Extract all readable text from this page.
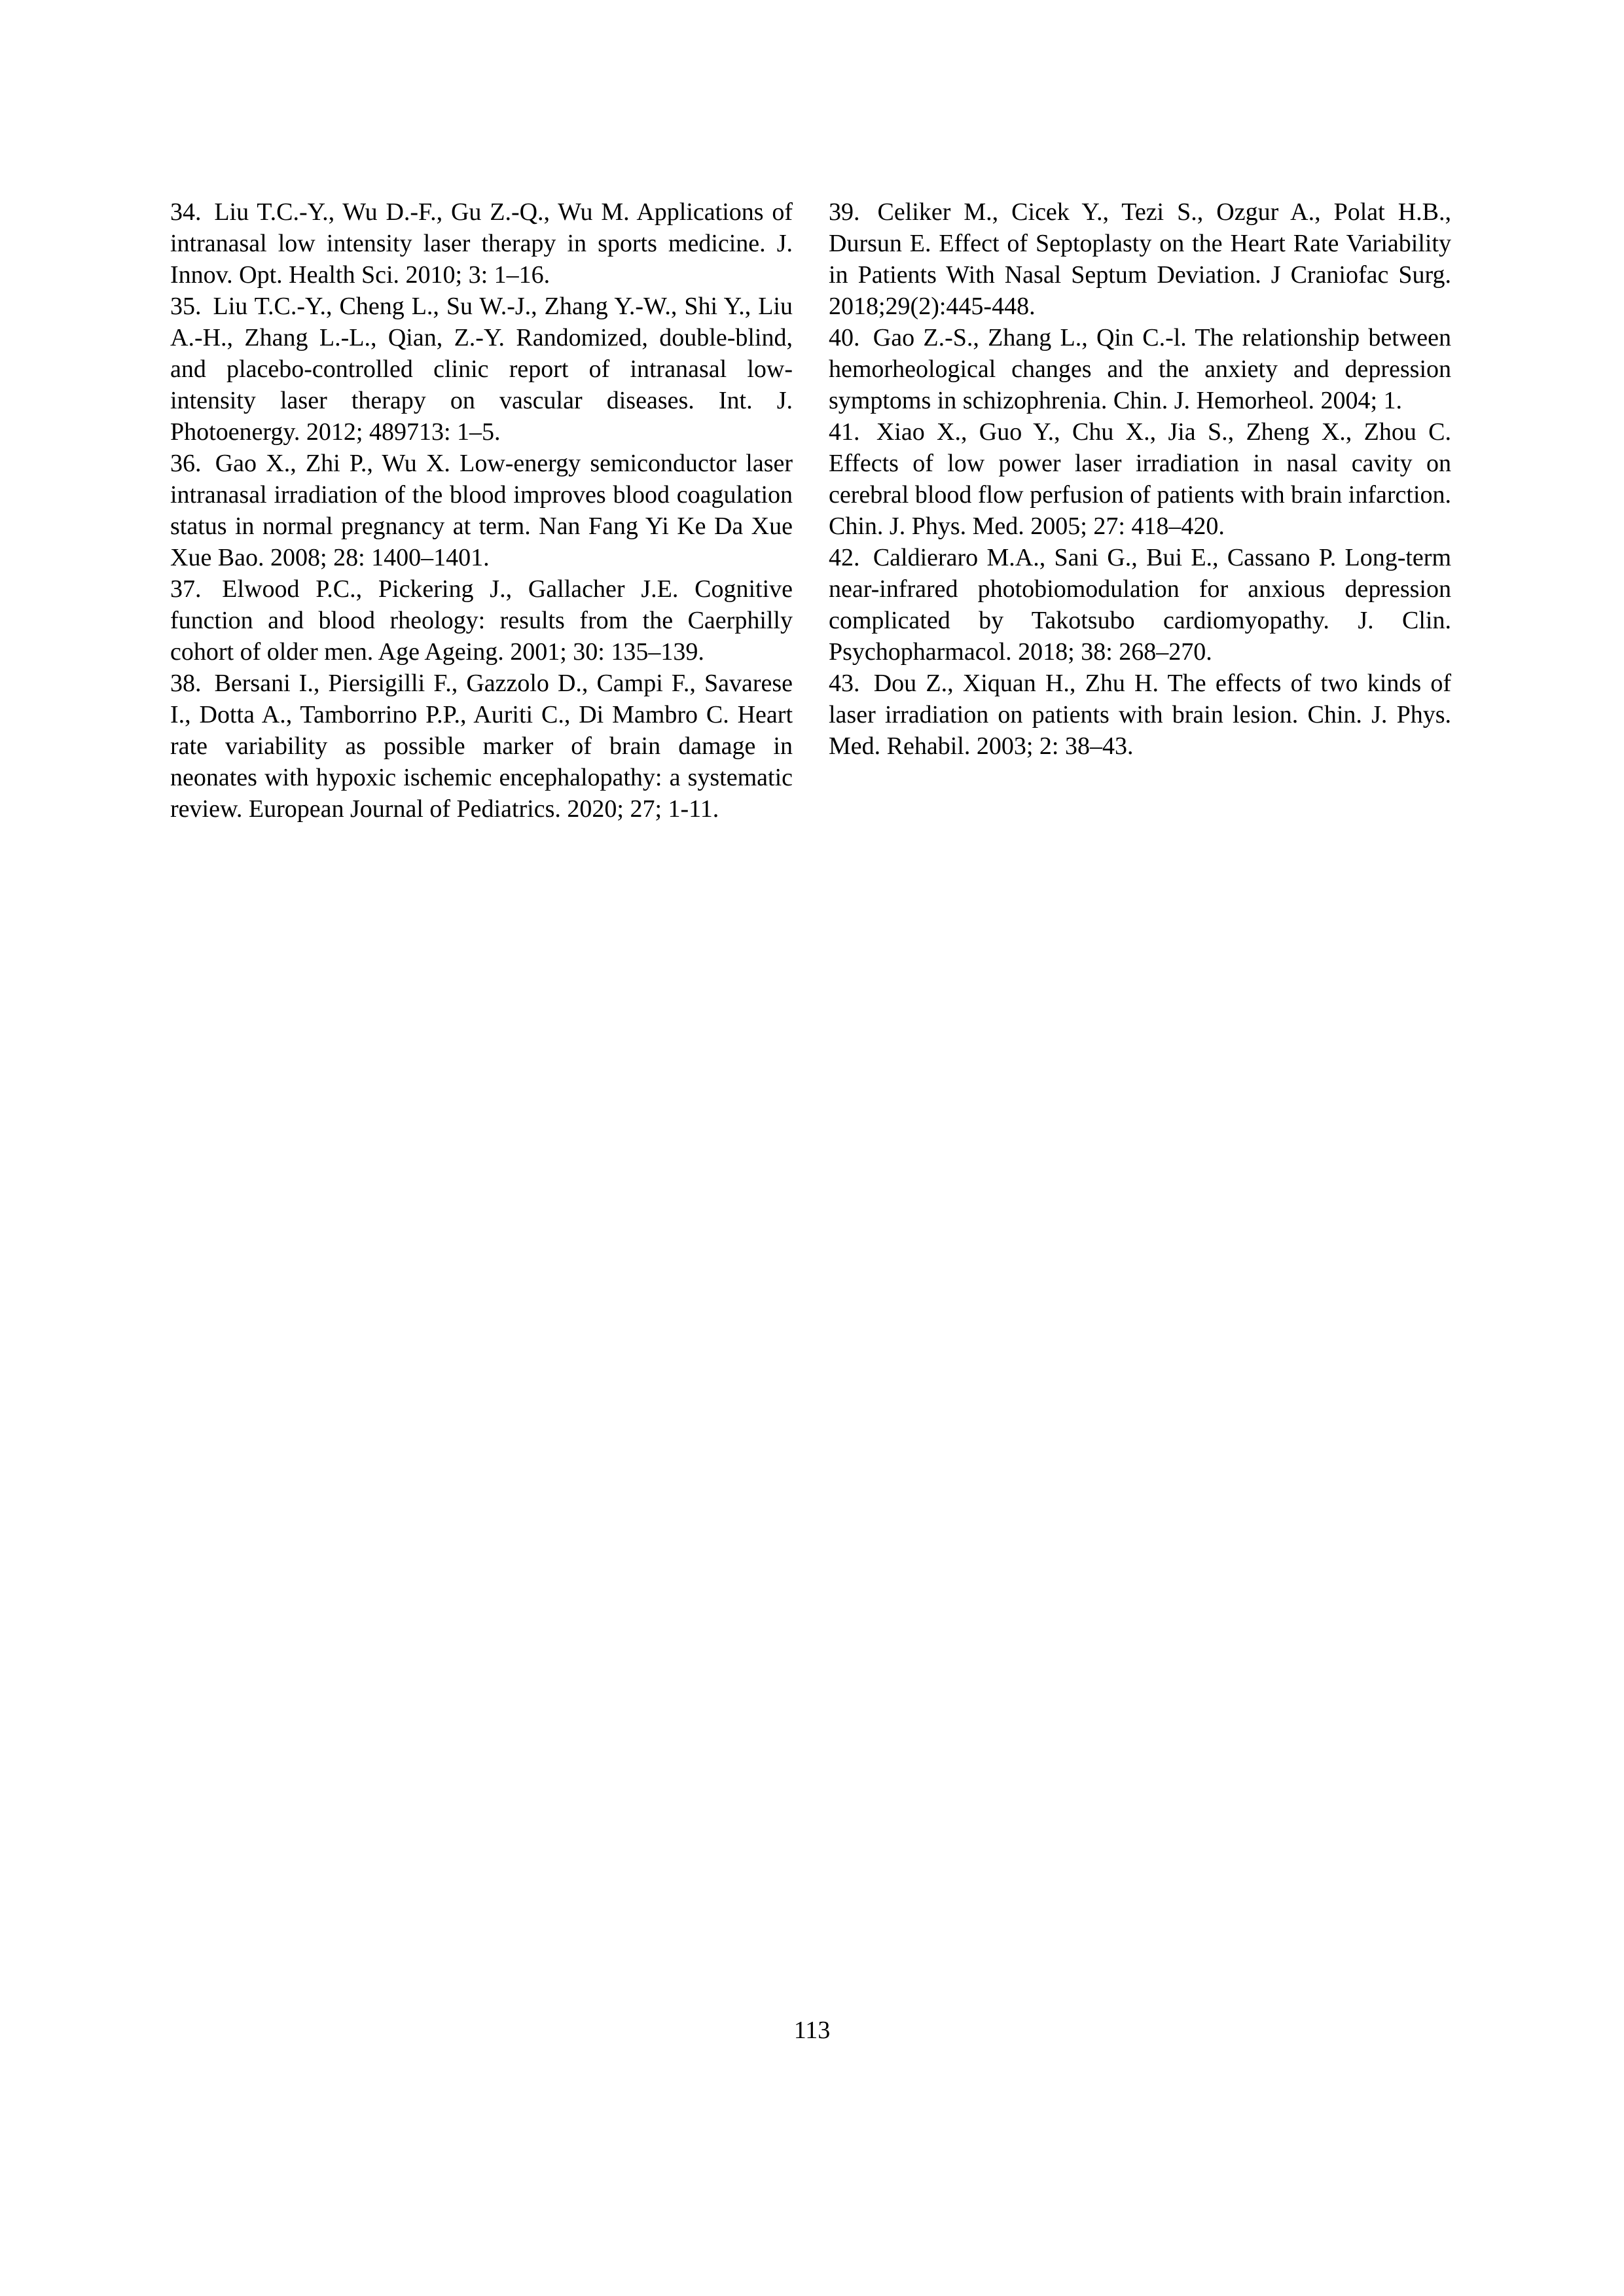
34. Liu T.C.-Y., Wu D.-F., Gu Z.-Q., Wu M. Applications of intranasal low intensity laser therapy in sports medicine. J. Innov. Opt. Health Sci. 2010; 3: 1–16.

35. Liu T.C.-Y., Cheng L., Su W.-J., Zhang Y.-W., Shi Y., Liu A.-H., Zhang L.-L., Qian, Z.-Y. Randomized, double-blind, and placebo-controlled clinic report of intranasal low-intensity laser therapy on vascular diseases. Int. J. Photoenergy. 2012; 489713: 1–5.

36. Gao X., Zhi P., Wu X. Low-energy semiconductor laser intranasal irradiation of the blood improves blood coagulation status in normal pregnancy at term. Nan Fang Yi Ke Da Xue Xue Bao. 2008; 28: 1400–1401.

37. Elwood P.C., Pickering J., Gallacher J.E. Cognitive function and blood rheology: results from the Caerphilly cohort of older men. Age Ageing. 2001; 30: 135–139.

38. Bersani I., Piersigilli F., Gazzolo D., Campi F., Savarese I., Dotta A., Tamborrino P.P., Auriti C., Di Mambro C. Heart rate variability as possible marker of brain damage in neonates with hypoxic ischemic encephalopathy: a systematic review. European Journal of Pediatrics. 2020; 27; 1-11.

39. Celiker M., Cicek Y., Tezi S., Ozgur A., Polat H.B., Dursun E. Effect of Septoplasty on the Heart Rate Variability in Patients With Nasal Septum Deviation. J Craniofac Surg. 2018;29(2):445-448.

40. Gao Z.-S., Zhang L., Qin C.-l. The relationship between hemorheological changes and the anxiety and depression symptoms in schizophrenia. Chin. J. Hemorheol. 2004; 1.

41. Xiao X., Guo Y., Chu X., Jia S., Zheng X., Zhou C. Effects of low power laser irradiation in nasal cavity on cerebral blood flow perfusion of patients with brain infarction. Chin. J. Phys. Med. 2005; 27: 418–420.

42. Caldieraro M.A., Sani G., Bui E., Cassano P. Long-term near-infrared photobiomodulation for anxious depression complicated by Takotsubo cardiomyopathy. J. Clin. Psychopharmacol. 2018; 38: 268–270.

43. Dou Z., Xiquan H., Zhu H. The effects of two kinds of laser irradiation on patients with brain lesion. Chin. J. Phys. Med. Rehabil. 2003; 2: 38–43.

113
